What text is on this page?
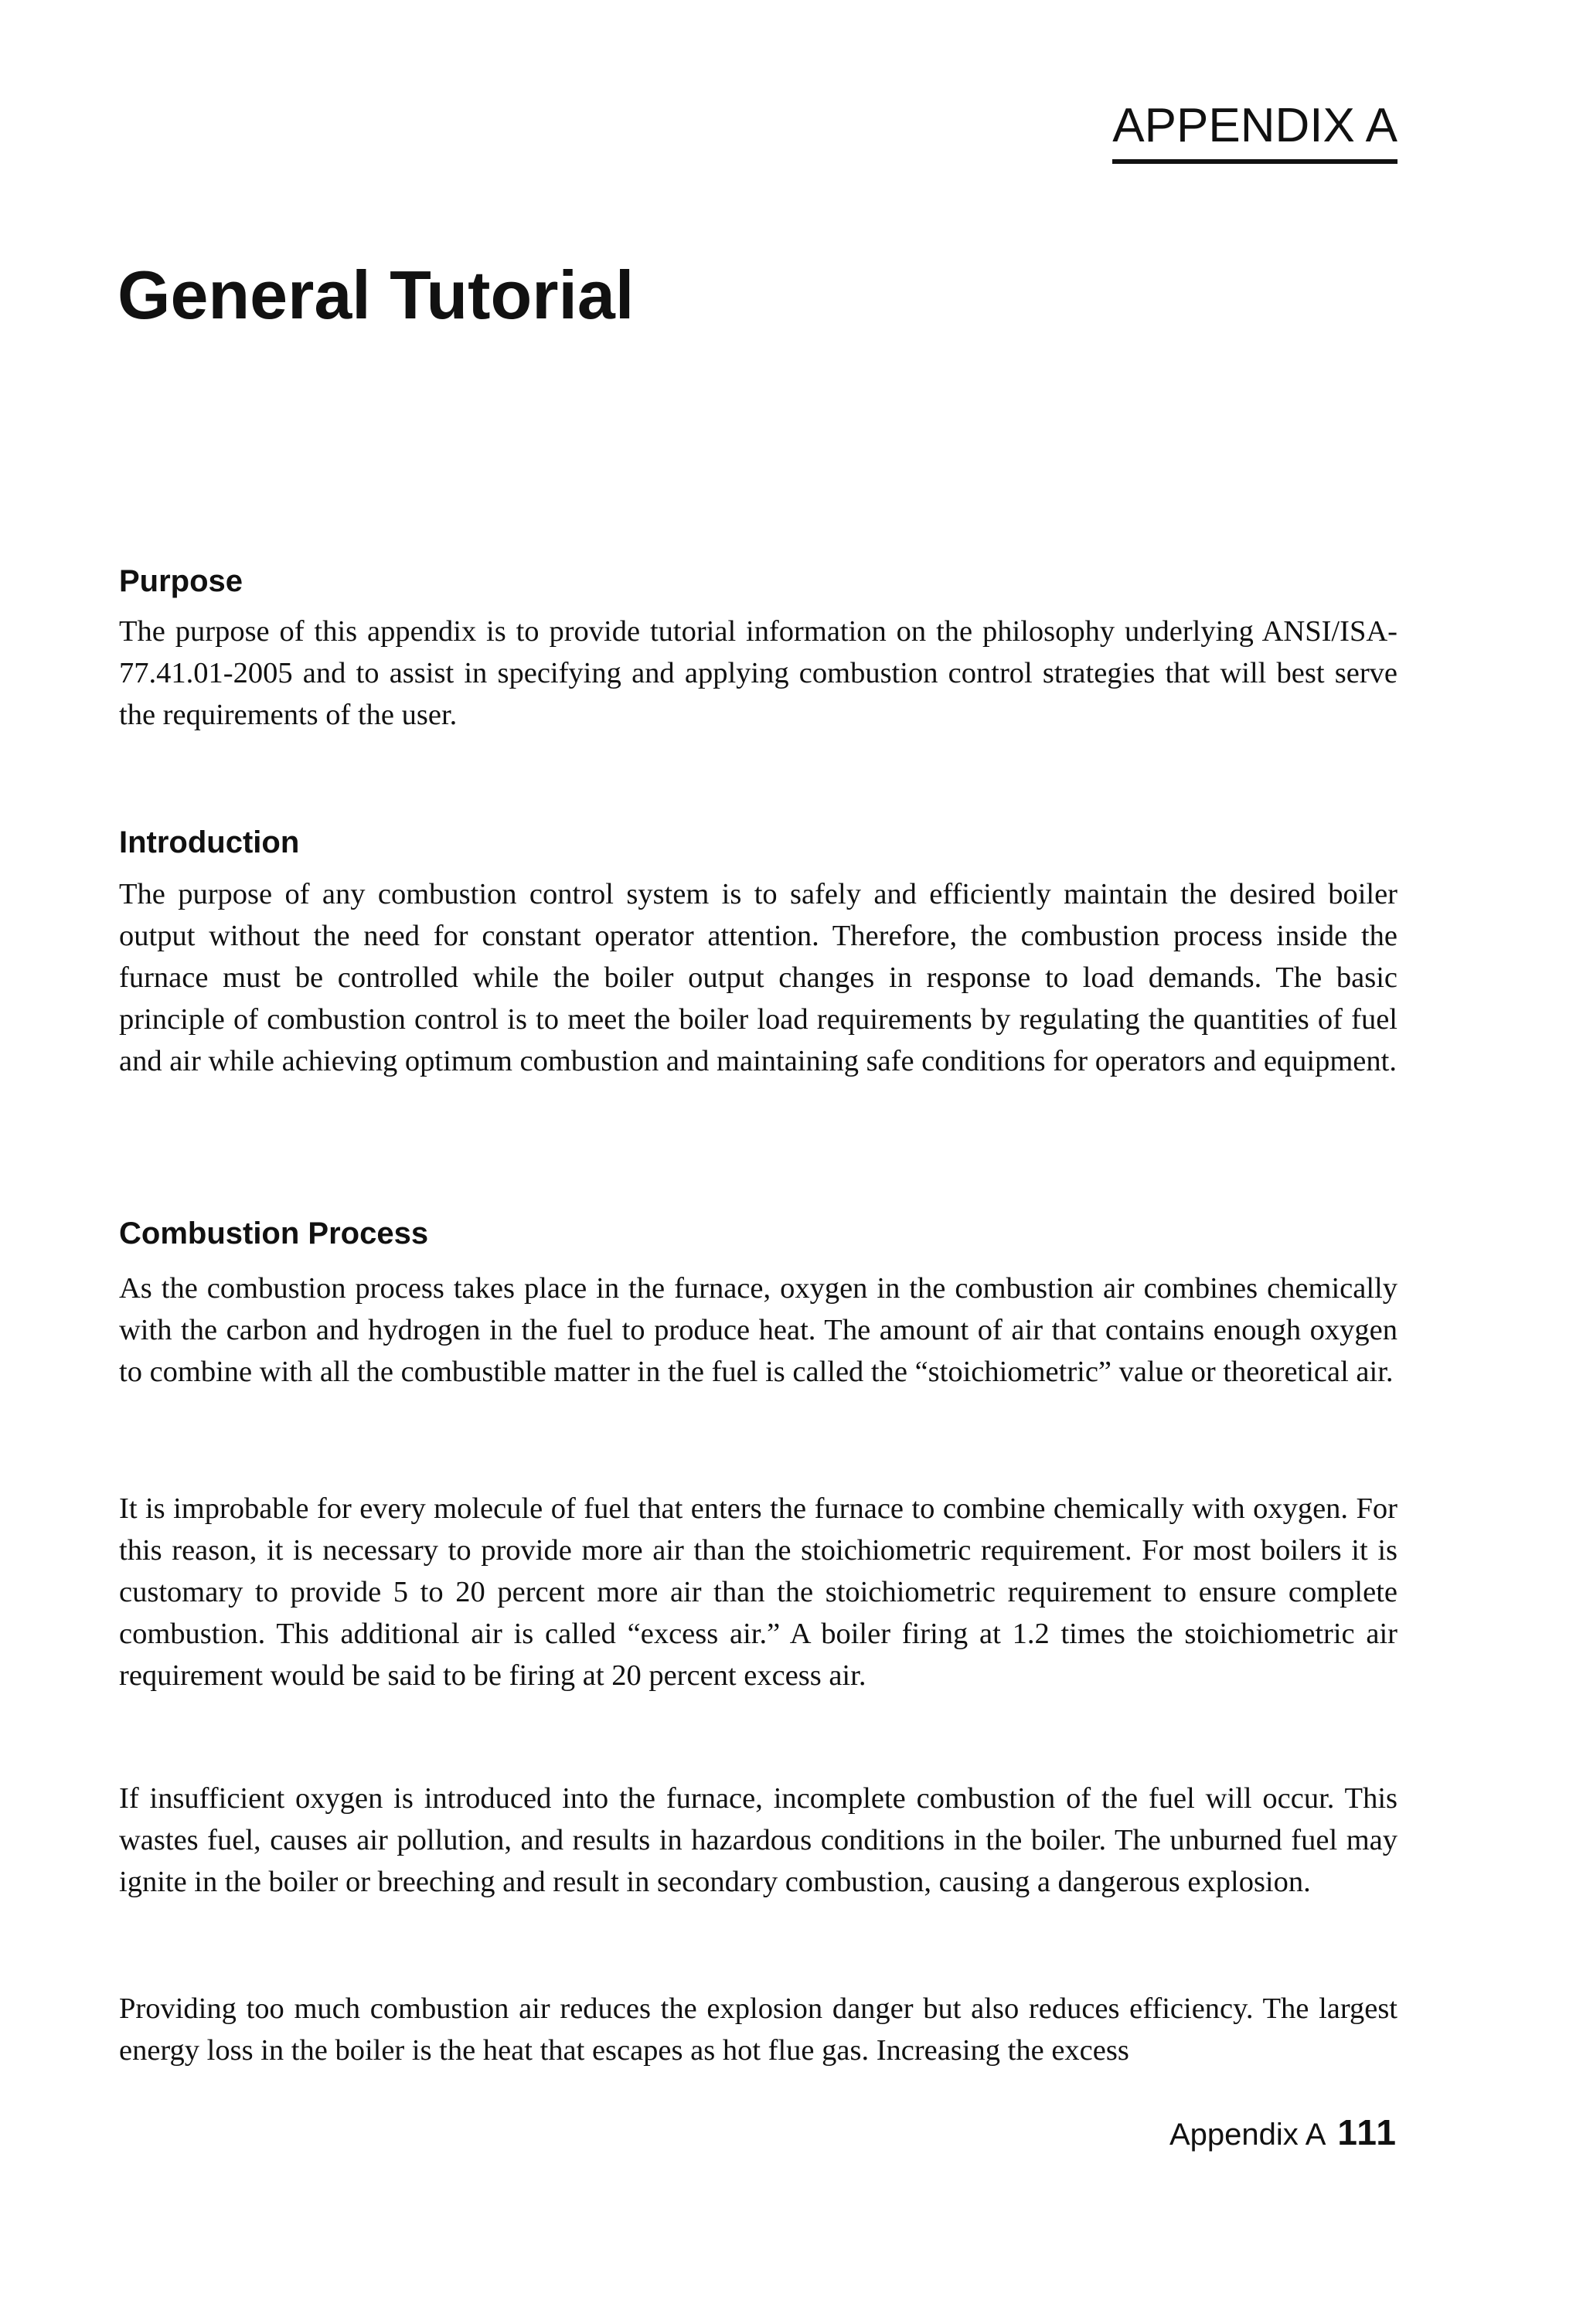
APPENDIX A
General Tutorial
Purpose

The purpose of this appendix is to provide tutorial information on the philosophy underlying ANSI/ISA-77.41.01-2005 and to assist in specifying and applying combustion control strategies that will best serve the requirements of the user.

Introduction

The purpose of any combustion control system is to safely and efficiently maintain the desired boiler output without the need for constant operator attention. Therefore, the combustion process inside the furnace must be controlled while the boiler output changes in response to load demands. The basic principle of combustion control is to meet the boiler load requirements by regulating the quantities of fuel and air while achieving optimum combustion and maintaining safe conditions for operators and equipment.

Combustion Process

As the combustion process takes place in the furnace, oxygen in the combustion air combines chemically with the carbon and hydrogen in the fuel to produce heat. The amount of air that contains enough oxygen to combine with all the combustible matter in the fuel is called the “stoichiometric” value or theoretical air.

It is improbable for every molecule of fuel that enters the furnace to combine chemically with oxygen. For this reason, it is necessary to provide more air than the stoichiometric requirement. For most boilers it is customary to provide 5 to 20 percent more air than the stoichiometric requirement to ensure complete combustion. This additional air is called “excess air.” A boiler firing at 1.2 times the stoichiometric air requirement would be said to be firing at 20 percent excess air.

If insufficient oxygen is introduced into the furnace, incomplete combustion of the fuel will occur. This wastes fuel, causes air pollution, and results in hazardous conditions in the boiler. The unburned fuel may ignite in the boiler or breeching and result in secondary combustion, causing a dangerous explosion.

Providing too much combustion air reduces the explosion danger but also reduces efficiency. The largest energy loss in the boiler is the heat that escapes as hot flue gas. Increasing the excess

Appendix A 111
